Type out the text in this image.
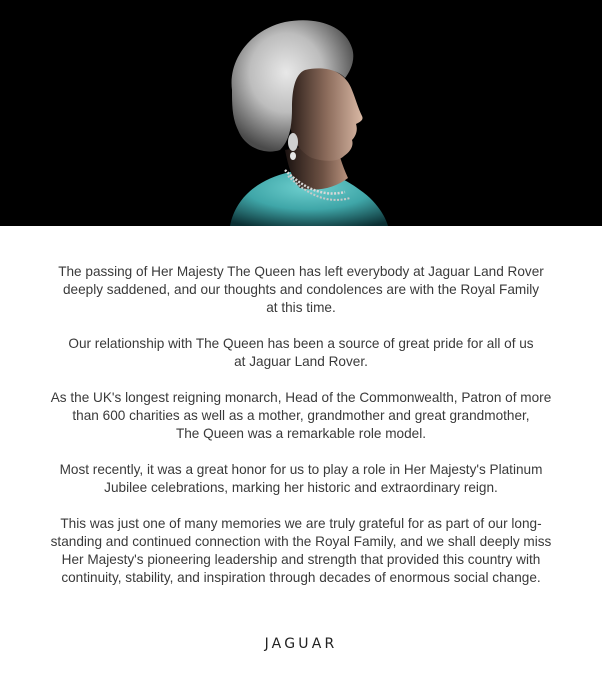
The passing of Her Majesty The Queen has left everybody at Jaguar Land Rover
deeply saddened, and our thoughts and condolences are with the Royal Family
at this time.

Our relationship with The Queen has been a source of great pride for all of us
at Jaguar Land Rover.

As the UK's longest reigning monarch, Head of the Commonwealth, Patron of more
than 600 charities as well as a mother, grandmother and great grandmother,
The Queen was a remarkable role model.

Most recently, it was a great honor for us to play a role in Her Majesty's Platinum
Jubilee celebrations, marking her historic and extraordinary reign.

This was just one of many memories we are truly grateful for as part of our long-
standing and continued connection with the Royal Family, and we shall deeply miss
Her Majesty's pioneering leadership and strength that provided this country with
continuity, stability, and inspiration through decades of enormous social change.

JAGUAR
